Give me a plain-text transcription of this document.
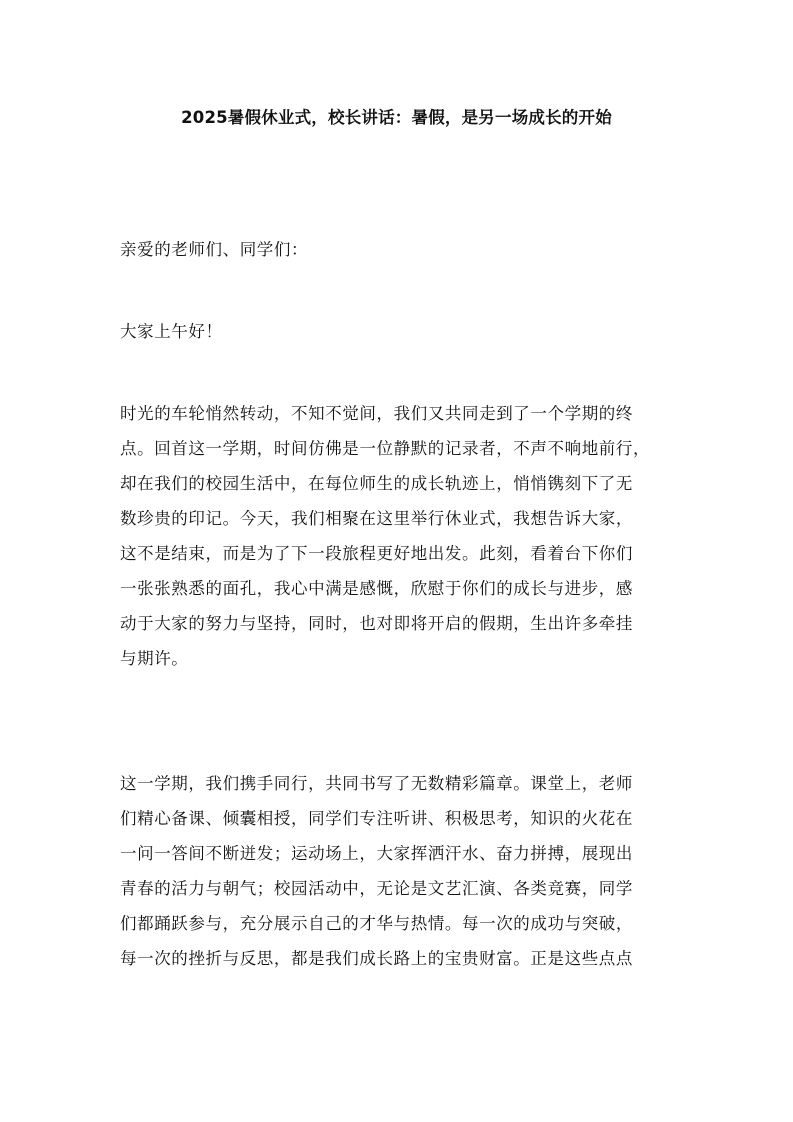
2025暑假休业式，校长讲话：暑假，是另一场成长的开始
亲爱的老师们、同学们：
大家上午好！
时光的车轮悄然转动，不知不觉间，我们又共同走到了一个学期的终
点。回首这一学期，时间仿佛是一位静默的记录者，不声不响地前行，
却在我们的校园生活中，在每位师生的成长轨迹上，悄悄镌刻下了无
数珍贵的印记。今天，我们相聚在这里举行休业式，我想告诉大家，
这不是结束，而是为了下一段旅程更好地出发。此刻，看着台下你们
一张张熟悉的面孔，我心中满是感慨，欣慰于你们的成长与进步，感
动于大家的努力与坚持，同时，也对即将开启的假期，生出许多牵挂
与期许。
这一学期，我们携手同行，共同书写了无数精彩篇章。课堂上，老师
们精心备课、倾囊相授，同学们专注听讲、积极思考，知识的火花在
一问一答间不断迸发；运动场上，大家挥洒汗水、奋力拼搏，展现出
青春的活力与朝气；校园活动中，无论是文艺汇演、各类竞赛，同学
们都踊跃参与，充分展示自己的才华与热情。每一次的成功与突破，
每一次的挫折与反思，都是我们成长路上的宝贵财富。正是这些点点
